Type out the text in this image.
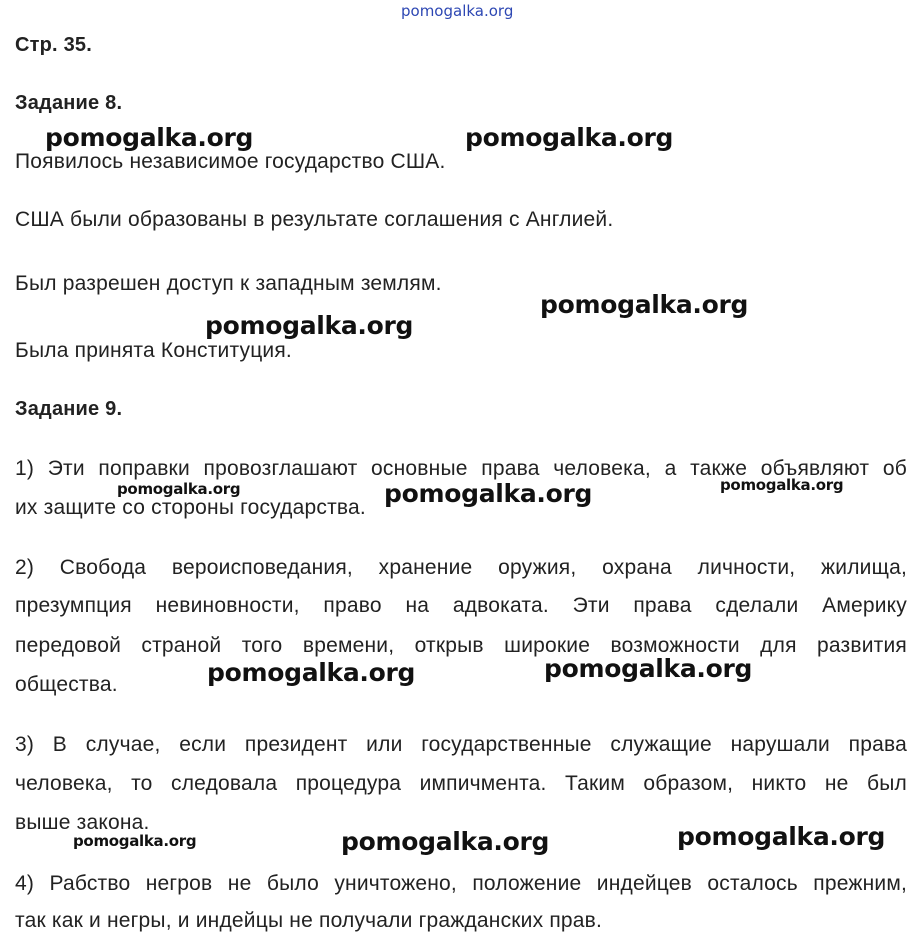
pomogalka.org
Стр. 35.
Задание 8.
Появилось независимое государство США.
США были образованы в результате соглашения с Англией.
Был разрешен доступ к западным землям.
Была принята Конституция.
Задание 9.
1) Эти поправки провозглашают основные права человека, а также объявляют об
их защите со стороны государства.
2) Свобода вероисповедания, хранение оружия, охрана личности, жилища,
презумпция невиновности, право на адвоката. Эти права сделали Америку
передовой страной того времени, открыв широкие возможности для развития
общества.
3) В случае, если президент или государственные служащие нарушали права
человека, то следовала процедура импичмента. Таким образом, никто не был
выше закона.
4) Рабство негров не было уничтожено, положение индейцев осталось прежним,
так как и негры, и индейцы не получали гражданских прав.
pomogalka.org	pomogalka.org
pomogalka.org
pomogalka.org
pomogalka.org	pomogalka.org	pomogalka.org
pomogalka.org	pomogalka.org
pomogalka.org	pomogalka.org	pomogalka.org
